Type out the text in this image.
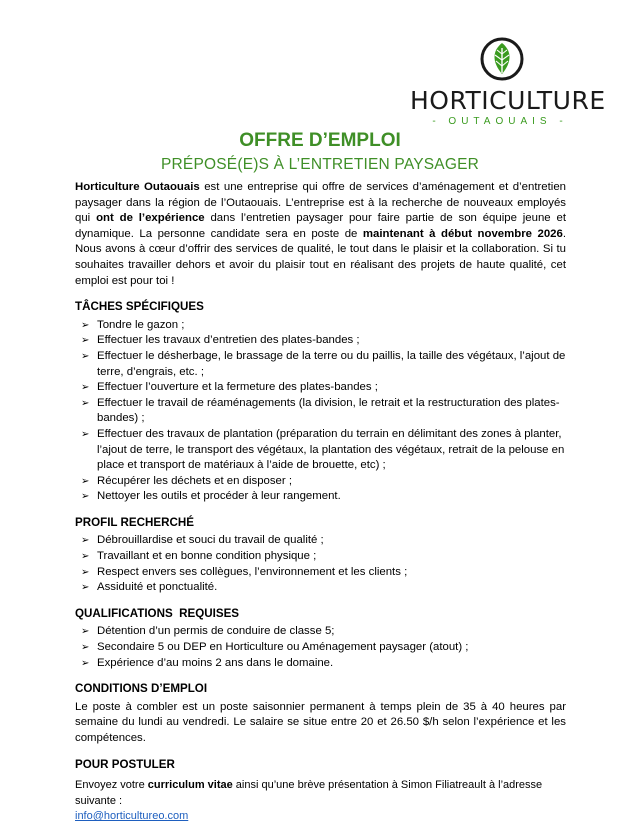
HORTICULTURE
- OUTAOUAIS -
OFFRE D’EMPLOI
PRÉPOSÉ(E)S À L’ENTRETIEN PAYSAGER

Horticulture Outaouais est une entreprise qui offre de services d’aménagement et d’entretien paysager dans la région de l’Outaouais. L’entreprise est à la recherche de nouveaux employés qui ont de l’expérience dans l’entretien paysager pour faire partie de son équipe jeune et dynamique. La personne candidate sera en poste de maintenant à début novembre 2026. Nous avons à cœur d’offrir des services de qualité, le tout dans le plaisir et la collaboration. Si tu souhaites travailler dehors et avoir du plaisir tout en réalisant des projets de haute qualité, cet emploi est pour toi !

TÂCHES SPÉCIFIQUES
➢ Tondre le gazon ;
➢ Effectuer les travaux d’entretien des plates-bandes ;
➢ Effectuer le désherbage, le brassage de la terre ou du paillis, la taille des végétaux, l’ajout de terre, d’engrais, etc. ;
➢ Effectuer l’ouverture et la fermeture des plates-bandes ;
➢ Effectuer le travail de réaménagements (la division, le retrait et la restructuration des plates-bandes) ;
➢ Effectuer des travaux de plantation (préparation du terrain en délimitant des zones à planter, l’ajout de terre, le transport des végétaux, la plantation des végétaux, retrait de la pelouse en place et transport de matériaux à l’aide de brouette, etc) ;
➢ Récupérer les déchets et en disposer ;
➢ Nettoyer les outils et procéder à leur rangement.
PROFIL RECHERCHÉ
➢ Débrouillardise et souci du travail de qualité ;
➢ Travaillant et en bonne condition physique ;
➢ Respect envers ses collègues, l’environnement et les clients ;
➢ Assiduité et ponctualité.
QUALIFICATIONS  REQUISES
➢ Détention d’un permis de conduire de classe 5;
➢ Secondaire 5 ou DEP en Horticulture ou Aménagement paysager (atout) ;
➢ Expérience d’au moins 2 ans dans le domaine.
CONDITIONS D’EMPLOI

Le poste à combler est un poste saisonnier permanent à temps plein de 35 à 40 heures par semaine du lundi au vendredi. Le salaire se situe entre 20 et 26.50 $/h selon l’expérience et les compétences.

POUR POSTULER

Envoyez votre curriculum vitae ainsi qu’une brève présentation à Simon Filiatreault à l’adresse suivante :

info@horticultureo.com
